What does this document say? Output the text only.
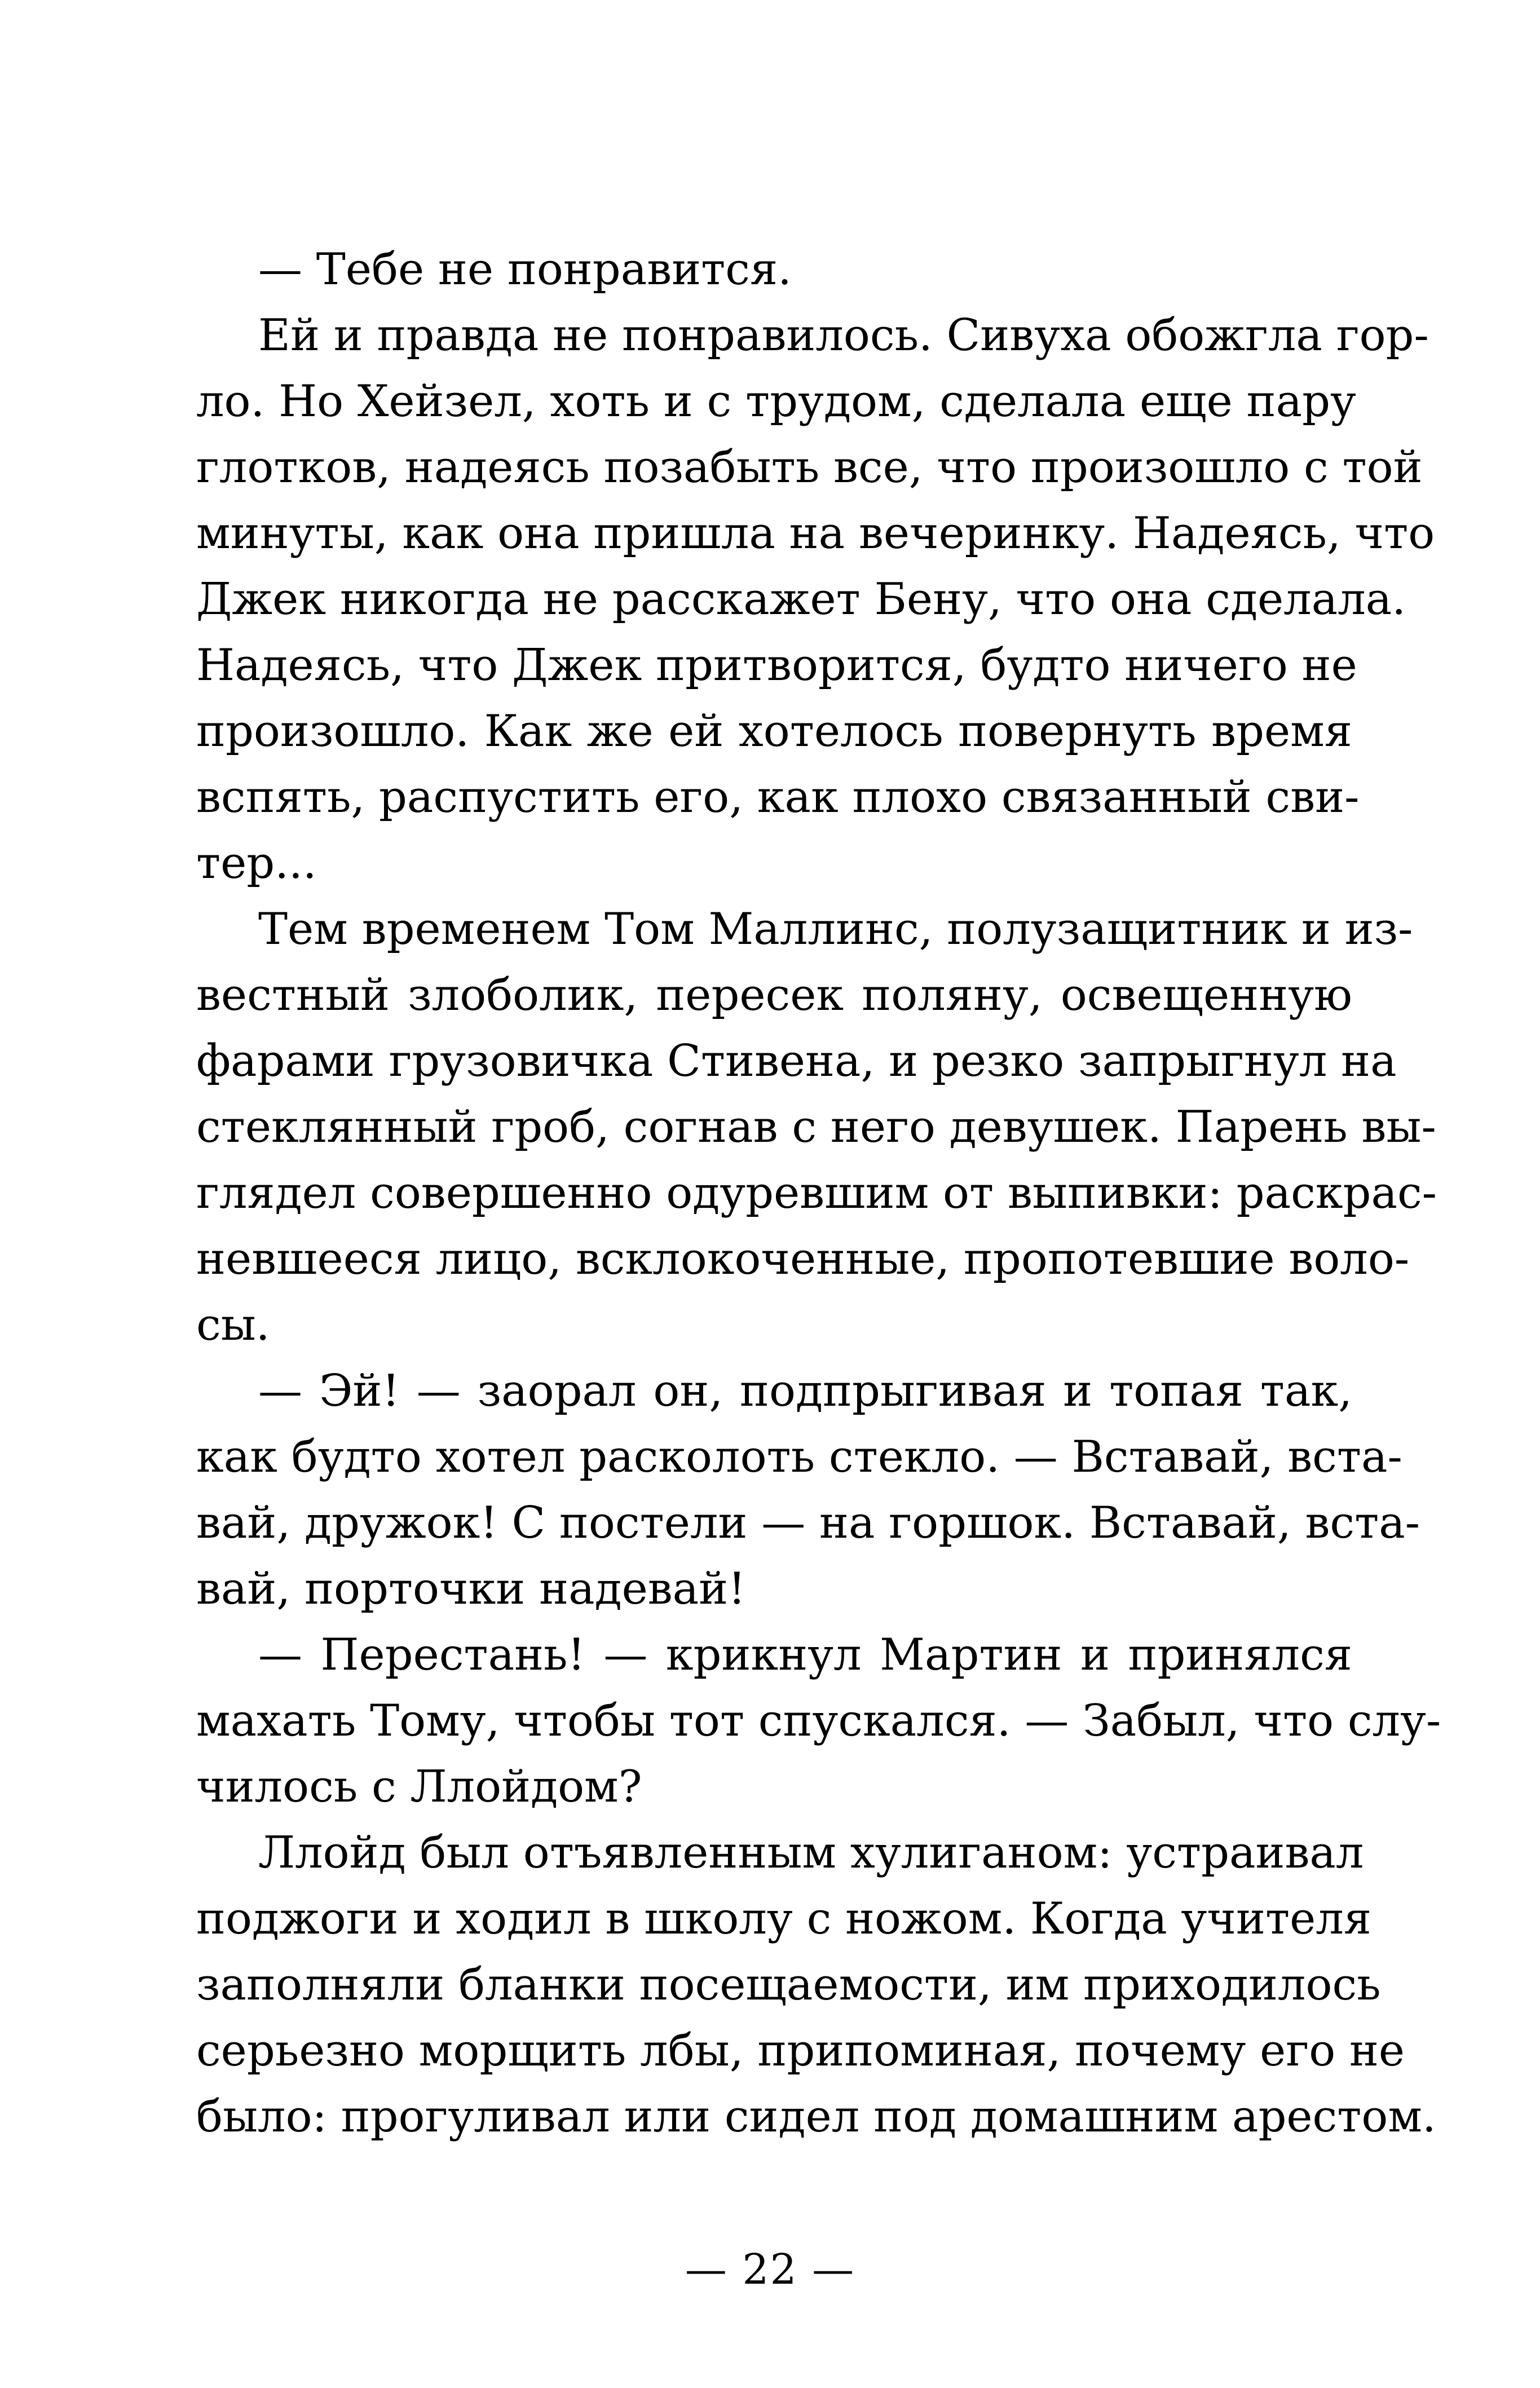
— Тебе не понравится.
Ей и правда не понравилось. Сивуха обожгла гор-
ло. Но Хейзел, хоть и с трудом, сделала еще пару
глотков, надеясь позабыть все, что произошло с той
минуты, как она пришла на вечеринку. Надеясь, что
Джек никогда не расскажет Бену, что она сделала.
Надеясь, что Джек притворится, будто ничего не
произошло. Как же ей хотелось повернуть время
вспять, распустить его, как плохо связанный сви-
тер...
Тем временем Том Маллинс, полузащитник и из-
вестный злоболик, пересек поляну, освещенную
фарами грузовичка Стивена, и резко запрыгнул на
стеклянный гроб, согнав с него девушек. Парень вы-
глядел совершенно одуревшим от выпивки: раскрас-
невшееся лицо, всклокоченные, пропотевшие воло-
сы.
— Эй! — заорал он, подпрыгивая и топая так,
как будто хотел расколоть стекло. — Вставай, вста-
вай, дружок! С постели — на горшок. Вставай, вста-
вай, порточки надевай!
— Перестань! — крикнул Мартин и принялся
махать Тому, чтобы тот спускался. — Забыл, что слу-
чилось с Ллойдом?
Ллойд был отъявленным хулиганом: устраивал
поджоги и ходил в школу с ножом. Когда учителя
заполняли бланки посещаемости, им приходилось
серьезно морщить лбы, припоминая, почему его не
было: прогуливал или сидел под домашним арестом.
— 22 —
